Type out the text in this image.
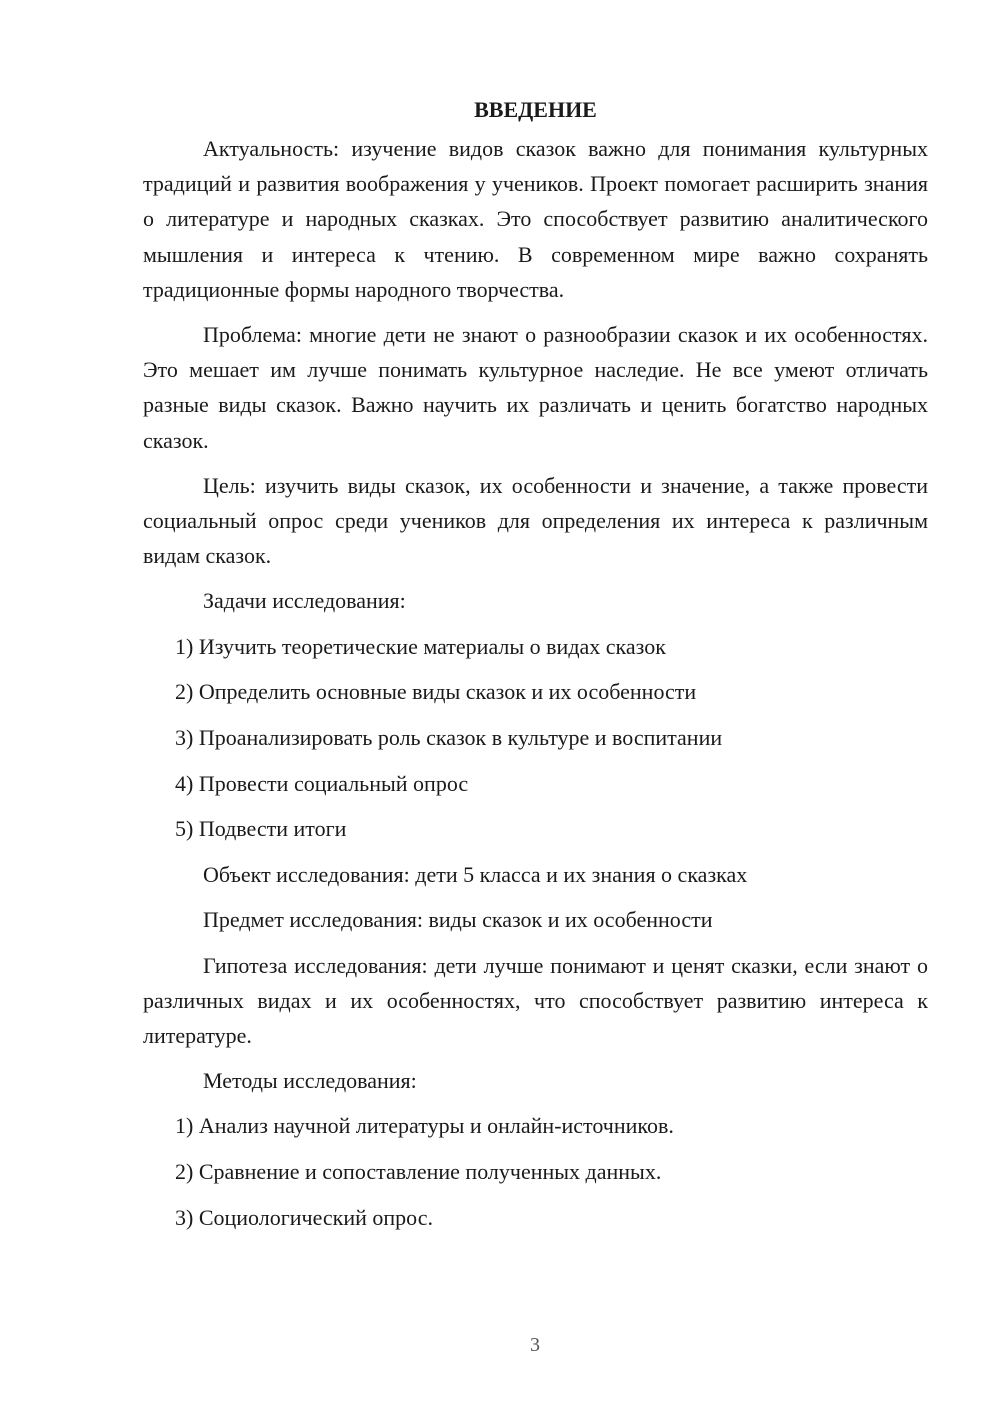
ВВЕДЕНИЕ

Актуальность: изучение видов сказок важно для понимания культурных традиций и развития воображения у учеников. Проект помогает расширить знания о литературе и народных сказках. Это способствует развитию аналитического мышления и интереса к чтению. В современном мире важно сохранять традиционные формы народного творчества.

Проблема: многие дети не знают о разнообразии сказок и их особенностях. Это мешает им лучше понимать культурное наследие. Не все умеют отличать разные виды сказок. Важно научить их различать и ценить богатство народных сказок.

Цель: изучить виды сказок, их особенности и значение, а также провести социальный опрос среди учеников для определения их интереса к различным видам сказок.

Задачи исследования:
1) Изучить теоретические материалы о видах сказок
2) Определить основные виды сказок и их особенности
3) Проанализировать роль сказок в культуре и воспитании
4) Провести социальный опрос
5) Подвести итоги
Объект исследования: дети 5 класса и их знания о сказках
Предмет исследования: виды сказок и их особенности

Гипотеза исследования: дети лучше понимают и ценят сказки, если знают о различных видах и их особенностях, что способствует развитию интереса к литературе.

Методы исследования:
1) Анализ научной литературы и онлайн-источников.
2) Сравнение и сопоставление полученных данных.
3) Социологический опрос.
3
